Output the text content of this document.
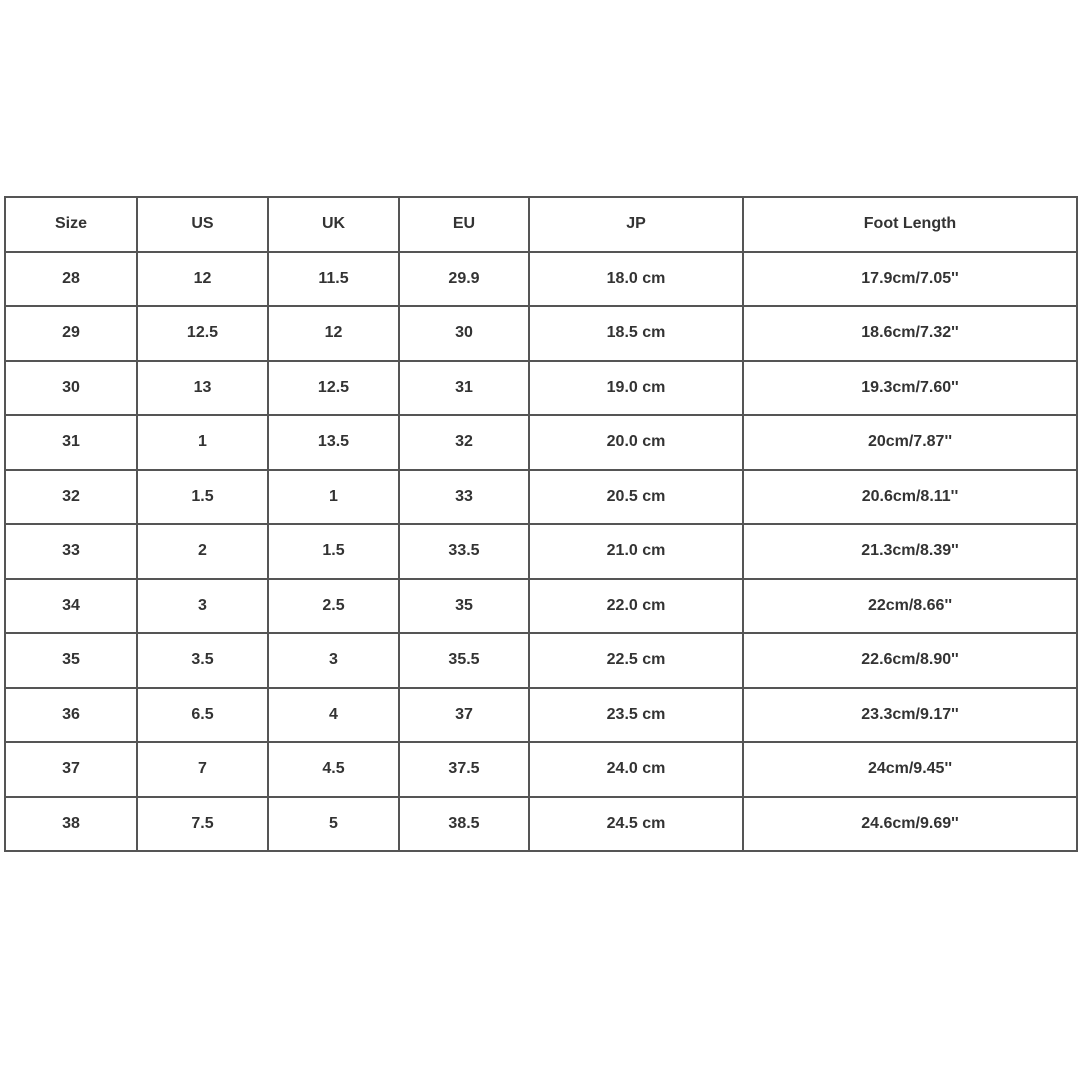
Size	US	UK	EU	JP	Foot Length
28	12	11.5	29.9	18.0 cm	17.9cm/7.05''
29	12.5	12	30	18.5 cm	18.6cm/7.32''
30	13	12.5	31	19.0 cm	19.3cm/7.60''
31	1	13.5	32	20.0 cm	20cm/7.87''
32	1.5	1	33	20.5 cm	20.6cm/8.11''
33	2	1.5	33.5	21.0 cm	21.3cm/8.39''
34	3	2.5	35	22.0 cm	22cm/8.66''
35	3.5	3	35.5	22.5 cm	22.6cm/8.90''
36	6.5	4	37	23.5 cm	23.3cm/9.17''
37	7	4.5	37.5	24.0 cm	24cm/9.45''
38	7.5	5	38.5	24.5 cm	24.6cm/9.69''
